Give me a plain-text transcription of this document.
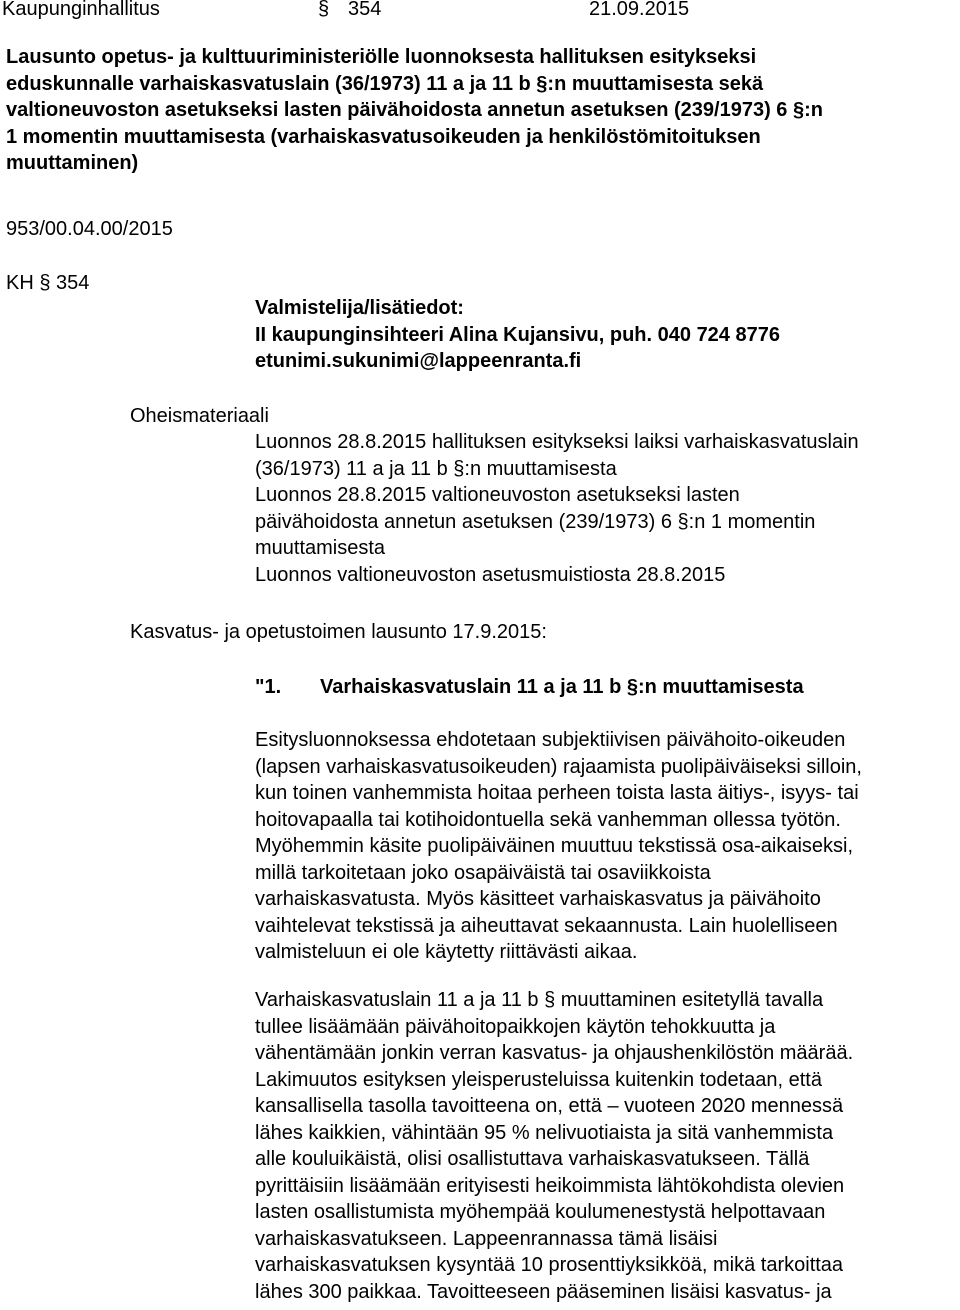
Kaupunginhallitus	§ 354	21.09.2015
Lausunto opetus- ja kulttuuriministeriölle luonnoksesta hallituksen esitykseksi
eduskunnalle varhaiskasvatuslain (36/1973) 11 a ja 11 b §:n muuttamisesta sekä
valtioneuvoston asetukseksi lasten päivähoidosta annetun asetuksen (239/1973) 6 §:n
1 momentin muuttamisesta (varhaiskasvatusoikeuden ja henkilöstömitoituksen
muuttaminen)
953/00.04.00/2015
KH § 354
Valmistelija/lisätiedot:
II kaupunginsihteeri Alina Kujansivu, puh. 040 724 8776
etunimi.sukunimi@lappeenranta.fi
Oheismateriaali
Luonnos 28.8.2015 hallituksen esitykseksi laiksi varhaiskasvatuslain
(36/1973) 11 a ja 11 b §:n muuttamisesta
Luonnos 28.8.2015 valtioneuvoston asetukseksi lasten
päivähoidosta annetun asetuksen (239/1973) 6 §:n 1 momentin
muuttamisesta
Luonnos valtioneuvoston asetusmuistiosta 28.8.2015
Kasvatus- ja opetustoimen lausunto 17.9.2015:
"1. Varhaiskasvatuslain 11 a ja 11 b §:n muuttamisesta
Esitysluonnoksessa ehdotetaan subjektiivisen päivähoito-oikeuden
(lapsen varhaiskasvatusoikeuden) rajaamista puolipäiväiseksi silloin,
kun toinen vanhemmista hoitaa perheen toista lasta äitiys-, isyys- tai
hoitovapaalla tai kotihoidontuella sekä vanhemman ollessa työtön.
Myöhemmin käsite puolipäiväinen muuttuu tekstissä osa-aikaiseksi,
millä tarkoitetaan joko osapäiväistä tai osaviikkoista
varhaiskasvatusta. Myös käsitteet varhaiskasvatus ja päivähoito
vaihtelevat tekstissä ja aiheuttavat sekaannusta. Lain huolelliseen
valmisteluun ei ole käytetty riittävästi aikaa.
Varhaiskasvatuslain 11 a ja 11 b § muuttaminen esitetyllä tavalla
tullee lisäämään päivähoitopaikkojen käytön tehokkuutta ja
vähentämään jonkin verran kasvatus- ja ohjaushenkilöstön määrää.
Lakimuutos esityksen yleisperusteluissa kuitenkin todetaan, että
kansallisella tasolla tavoitteena on, että – vuoteen 2020 mennessä
lähes kaikkien, vähintään 95 % nelivuotiaista ja sitä vanhemmista
alle kouluikäistä, olisi osallistuttava varhaiskasvatukseen. Tällä
pyrittäisiin lisäämään erityisesti heikoimmista lähtökohdista olevien
lasten osallistumista myöhempää koulumenestystä helpottavaan
varhaiskasvatukseen. Lappeenrannassa tämä lisäisi
varhaiskasvatuksen kysyntää 10 prosenttiyksikköä, mikä tarkoittaa
lähes 300 paikkaa. Tavoitteeseen pääseminen lisäisi kasvatus- ja
